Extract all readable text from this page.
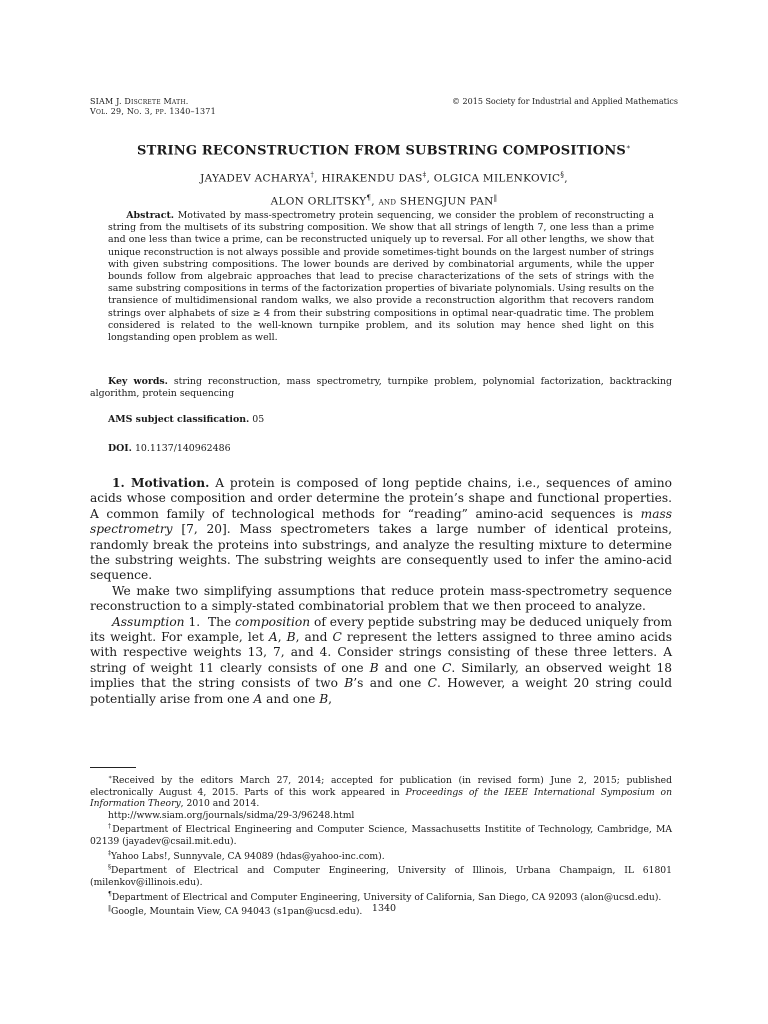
SIAM J. Discrete Math.
Vol. 29, No. 3, pp. 1340–1371
© 2015 Society for Industrial and Applied Mathematics
STRING RECONSTRUCTION FROM SUBSTRING COMPOSITIONS∗
JAYADEV ACHARYA†, HIRAKENDU DAS‡, OLGICA MILENKOVIC§,
ALON ORLITSKY¶, and SHENGJUN PAN‖

Abstract. Motivated by mass-spectrometry protein sequencing, we consider the problem of reconstructing a string from the multisets of its substring composition. We show that all strings of length 7, one less than a prime and one less than twice a prime, can be reconstructed uniquely up to reversal. For all other lengths, we show that unique reconstruction is not always possible and provide sometimes-tight bounds on the largest number of strings with given substring compositions. The lower bounds are derived by combinatorial arguments, while the upper bounds follow from algebraic approaches that lead to precise characterizations of the sets of strings with the same substring compositions in terms of the factorization properties of bivariate polynomials. Using results on the transience of multidimensional random walks, we also provide a reconstruction algorithm that recovers random strings over alphabets of size ≥ 4 from their substring compositions in optimal near-quadratic time. The problem considered is related to the well-known turnpike problem, and its solution may hence shed light on this longstanding open problem as well.

Key words. string reconstruction, mass spectrometry, turnpike problem, polynomial factorization, backtracking algorithm, protein sequencing
AMS subject classification. 05
DOI. 10.1137/140962486

1. Motivation. A protein is composed of long peptide chains, i.e., sequences of amino acids whose composition and order determine the protein’s shape and functional properties. A common family of technological methods for “reading” amino-acid sequences is mass spectrometry [7, 20]. Mass spectrometers takes a large number of identical proteins, randomly break the proteins into substrings, and analyze the resulting mixture to determine the substring weights. The substring weights are consequently used to infer the amino-acid sequence.

We make two simplifying assumptions that reduce protein mass-spectrometry sequence reconstruction to a simply-stated combinatorial problem that we then proceed to analyze.

Assumption 1. The composition of every peptide substring may be deduced uniquely from its weight. For example, let A, B, and C represent the letters assigned to three amino acids with respective weights 13, 7, and 4. Consider strings consisting of these three letters. A string of weight 11 clearly consists of one B and one C. Similarly, an observed weight 18 implies that the string consists of two B’s and one C. However, a weight 20 string could potentially arise from one A and one B,

∗Received by the editors March 27, 2014; accepted for publication (in revised form) June 2, 2015; published electronically August 4, 2015. Parts of this work appeared in Proceedings of the IEEE International Symposium on Information Theory, 2010 and 2014.

http://www.siam.org/journals/sidma/29-3/96248.html

†Department of Electrical Engineering and Computer Science, Massachusetts Institite of Technology, Cambridge, MA 02139 (jayadev@csail.mit.edu).

‡Yahoo Labs!, Sunnyvale, CA 94089 (hdas@yahoo-inc.com).

§Department of Electrical and Computer Engineering, University of Illinois, Urbana Champaign, IL 61801 (milenkov@illinois.edu).

¶Department of Electrical and Computer Engineering, University of California, San Diego, CA 92093 (alon@ucsd.edu).

‖Google, Mountain View, CA 94043 (s1pan@ucsd.edu).	1340
